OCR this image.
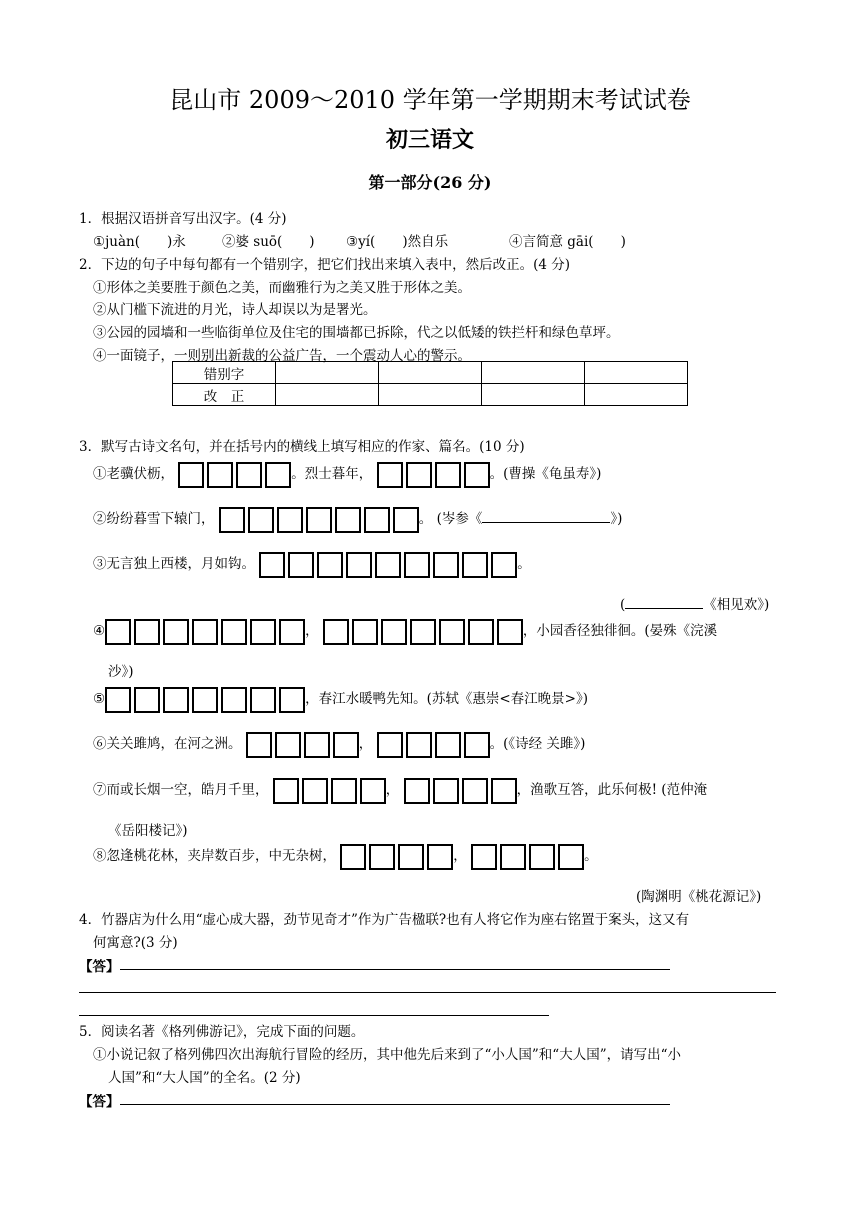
昆山市 2009～2010 学年第一学期期末考试试卷
初三语文
第一部分(26 分)
1．根据汉语拼音写出汉字。(4 分)
①juàn(　　)永	②婆 suō(　　) ③yí(　　)然自乐	④言简意 gāi(　　)
2．下边的句子中每句都有一个错别字，把它们找出来填入表中，然后改正。(4 分)
①形体之美要胜于颜色之美，而幽雅行为之美又胜于形体之美。
②从门槛下流进的月光，诗人却误以为是署光。
③公园的园墙和一些临街单位及住宅的围墙都已拆除，代之以低矮的铁拦杆和绿色草坪。
④一面镜子，一则别出新裁的公益广告，一个震动人心的警示。
错别字				
改　正				
3．默写古诗文名句，并在括号内的横线上填写相应的作家、篇名。(10 分)
①老骥伏枥，	。烈士暮年，	。(曹操《龟虽寿》)
②纷纷暮雪下辕门，	。 (岑参《	》)
③无言独上西楼，月如钩。	。
(	《相见欢》)
④	，	，小园香径独徘徊。(晏殊《浣溪
沙》)
⑤	，春江水暖鸭先知。(苏轼《惠崇<春江晚景>》)
⑥关关雎鸠，在河之洲。	，	。(《诗经 关雎》)
⑦而或长烟一空，皓月千里，	，	，渔歌互答，此乐何极! (范仲淹
《岳阳楼记》)
⑧忽逢桃花林，夹岸数百步，中无杂树，	，	。
(陶渊明《桃花源记》)
4．竹器店为什么用“虚心成大器，劲节见奇才”作为广告楹联?也有人将它作为座右铭置于案头，这又有
何寓意?(3 分)
【答】
5．阅读名著《格列佛游记》，完成下面的问题。
①小说记叙了格列佛四次出海航行冒险的经历，其中他先后来到了“小人国”和“大人国”，请写出“小
人国”和“大人国”的全名。(2 分)
【答】
